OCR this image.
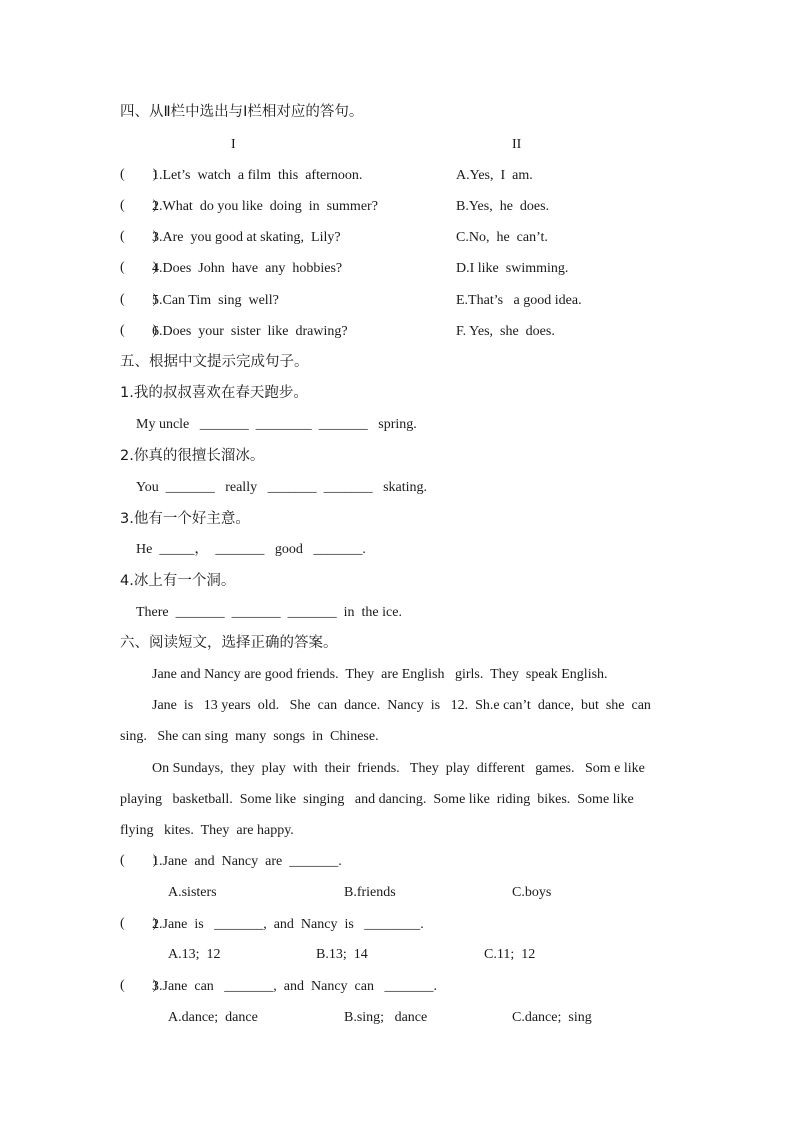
四、从Ⅱ栏中选出与Ⅰ栏相对应的答句。
I	II
(        )
1.Let’s  watch  a film  this  afternoon.	A.Yes,  I  am.
(        )
2.What  do you like  doing  in  summer?	B.Yes,  he  does.
(        )
3.Are  you good at skating,  Lily?	C.No,  he  can’t.
(        )
4.Does  John  have  any  hobbies?	D.I like  swimming.
(        )
5.Can Tim  sing  well?	E.That’s   a good idea.
(        )
6.Does  your  sister  like  drawing?	F. Yes,  she  does.
五、根据中文提示完成句子。
1.我的叔叔喜欢在春天跑步。
My uncle   _______  ________  _______   spring.
2.你真的很擅长溜冰。
You  _______   really   _______  _______   skating.
3.他有一个好主意。
He  _____，  _______   good   _______.
4.冰上有一个洞。
There  _______  _______  _______  in  the ice.
六、阅读短文，选择正确的答案。
Jane and Nancy are good friends.  They  are English   girls.  They  speak English.
Jane  is   13 years  old.   She  can  dance.  Nancy  is   12.  Sh.e can’t  dance,  but  she  can
sing.   She can sing  many  songs  in  Chinese.
On Sundays,  they  play  with  their  friends.   They  play  different   games.   Som e like
playing   basketball.  Some like  singing   and dancing.  Some like  riding  bikes.  Some like
flying   kites.  They  are happy.
(        )
1.Jane  and  Nancy  are  _______.
A.sisters	B.friends	C.boys
(        )
2.Jane  is   _______,  and  Nancy  is   ________.
A.13;  12	B.13;  14	C.11;  12
(        )
3.Jane  can   _______,  and  Nancy  can   _______.
A.dance;  dance	B.sing;   dance	C.dance;  sing
